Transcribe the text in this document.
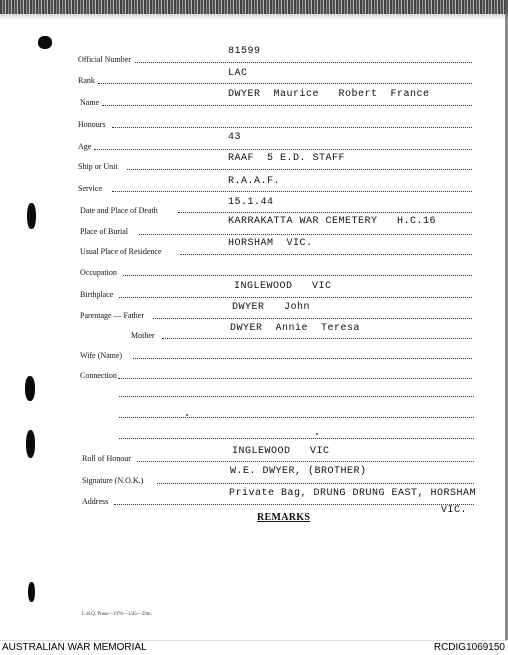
Official Number
81599
Rank
LAC
Name
DWYER  Maurice   Robert  France
Honours
Age
43
Ship or Unit
RAAF  5 E.D. STAFF
Service
R.A.A.F.
Date and Place of Death
15.1.44
Place of Burial
KARRAKATTA WAR CEMETERY   H.C.16
Usual Place of Residence
HORSHAM  VIC.
Occupation
Birthplace
INGLEWOOD   VIC
Parentage — Father
DWYER   John
Mother
DWYER  Annie  Teresa
Wife (Name)
Connection
Roll of Honour
INGLEWOOD   VIC
Signature (N.O.K.)
W.E. DWYER, (BROTHER)
Address
Private Bag, DRUNG DRUNG EAST, HORSHAM
VIC.
REMARKS
L.H.Q. Prass—1976—1/45—20m.
AUSTRALIAN WAR MEMORIAL	RCDIG1069150
